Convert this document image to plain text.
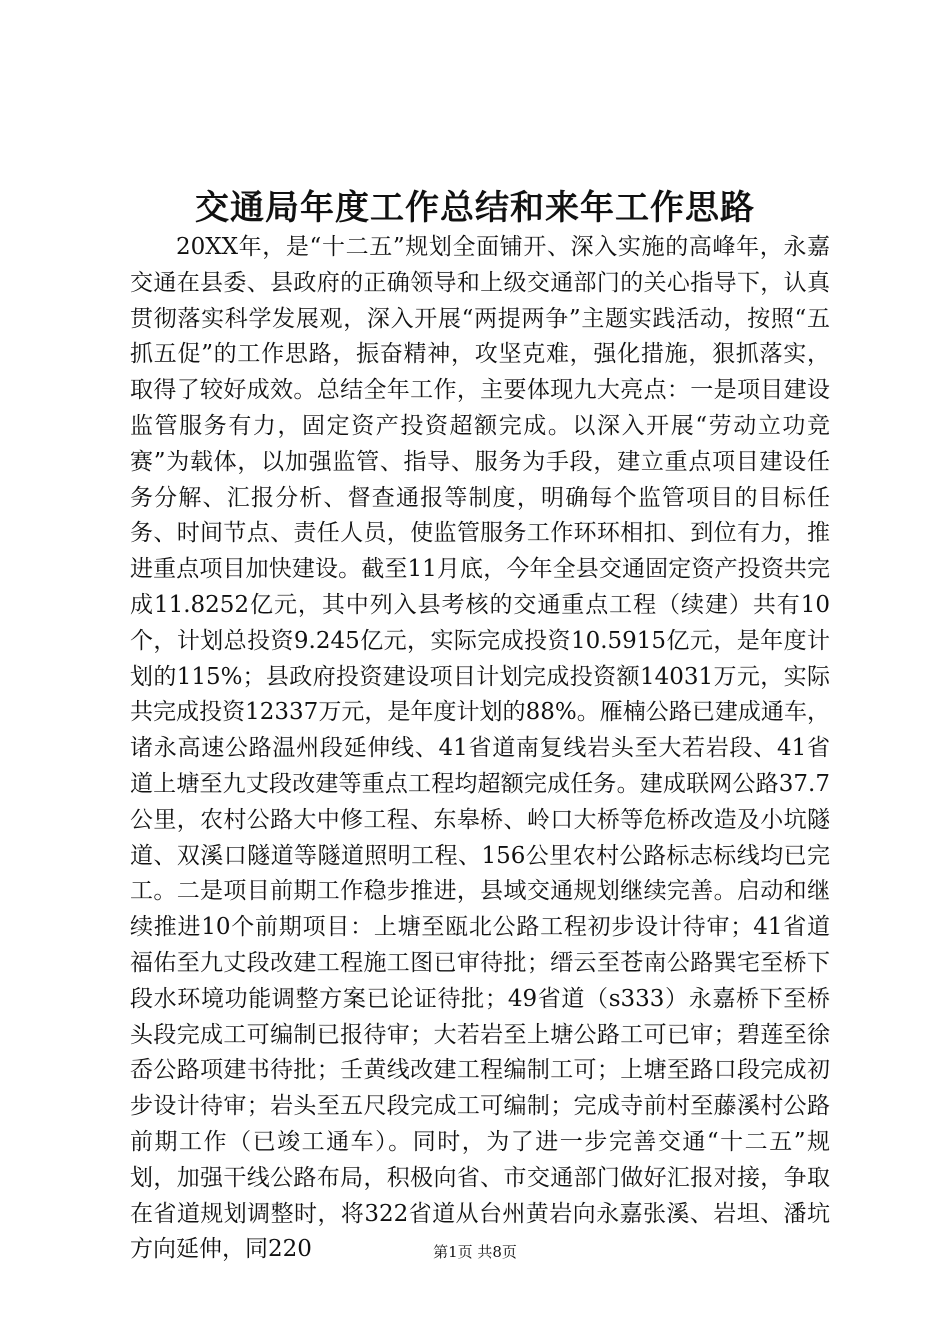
交通局年度工作总结和来年工作思路

20XX年，是“十二五”规划全面铺开、深入实施的高峰年，永嘉交通在县委、县政府的正确领导和上级交通部门的关心指导下，认真贯彻落实科学发展观，深入开展“两提两争”主题实践活动，按照“五抓五促”的工作思路，振奋精神，攻坚克难，强化措施，狠抓落实，取得了较好成效。总结全年工作，主要体现九大亮点：一是项目建设监管服务有力，固定资产投资超额完成。以深入开展“劳动立功竞赛”为载体，以加强监管、指导、服务为手段，建立重点项目建设任务分解、汇报分析、督查通报等制度，明确每个监管项目的目标任务、时间节点、责任人员，使监管服务工作环环相扣、到位有力，推进重点项目加快建设。截至11月底，今年全县交通固定资产投资共完成11.8252亿元，其中列入县考核的交通重点工程（续建）共有10个，计划总投资9.245亿元，实际完成投资10.5915亿元，是年度计划的115%；县政府投资建设项目计划完成投资额14031万元，实际共完成投资12337万元，是年度计划的88%。雁楠公路已建成通车，诸永高速公路温州段延伸线、41省道南复线岩头至大若岩段、41省道上塘至九丈段改建等重点工程均超额完成任务。建成联网公路37.7公里，农村公路大中修工程、东皋桥、岭口大桥等危桥改造及小坑隧道、双溪口隧道等隧道照明工程、156公里农村公路标志标线均已完工。二是项目前期工作稳步推进，县域交通规划继续完善。启动和继续推进10个前期项目：上塘至瓯北公路工程初步设计待审；41省道福佑至九丈段改建工程施工图已审待批；缙云至苍南公路巽宅至桥下段水环境功能调整方案已论证待批；49省道（s333）永嘉桥下至桥头段完成工可编制已报待审；大若岩至上塘公路工可已审；碧莲至徐岙公路项建书待批；壬黄线改建工程编制工可；上塘至路口段完成初步设计待审；岩头至五尺段完成工可编制；完成寺前村至藤溪村公路前期工作（已竣工通车）。同时，为了进一步完善交通“十二五”规划，加强干线公路布局，积极向省、市交通部门做好汇报对接，争取在省道规划调整时，将322省道从台州黄岩向永嘉张溪、岩坦、潘坑方向延伸，同220	第1页 共8页
